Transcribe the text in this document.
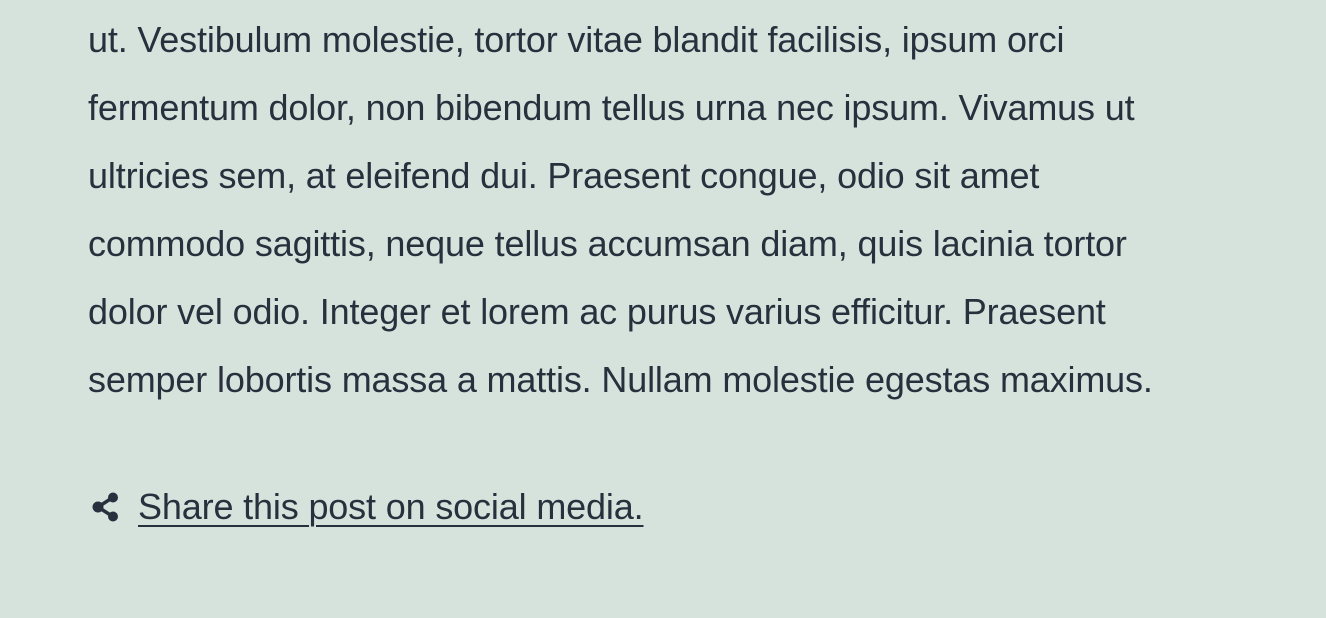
ut. Vestibulum molestie, tortor vitae blandit facilisis, ipsum orci
fermentum dolor, non bibendum tellus urna nec ipsum. Vivamus ut
ultricies sem, at eleifend dui. Praesent congue, odio sit amet
commodo sagittis, neque tellus accumsan diam, quis lacinia tortor
dolor vel odio. Integer et lorem ac purus varius efficitur. Praesent
semper lobortis massa a mattis. Nullam molestie egestas maximus.

Share this post on social media.
